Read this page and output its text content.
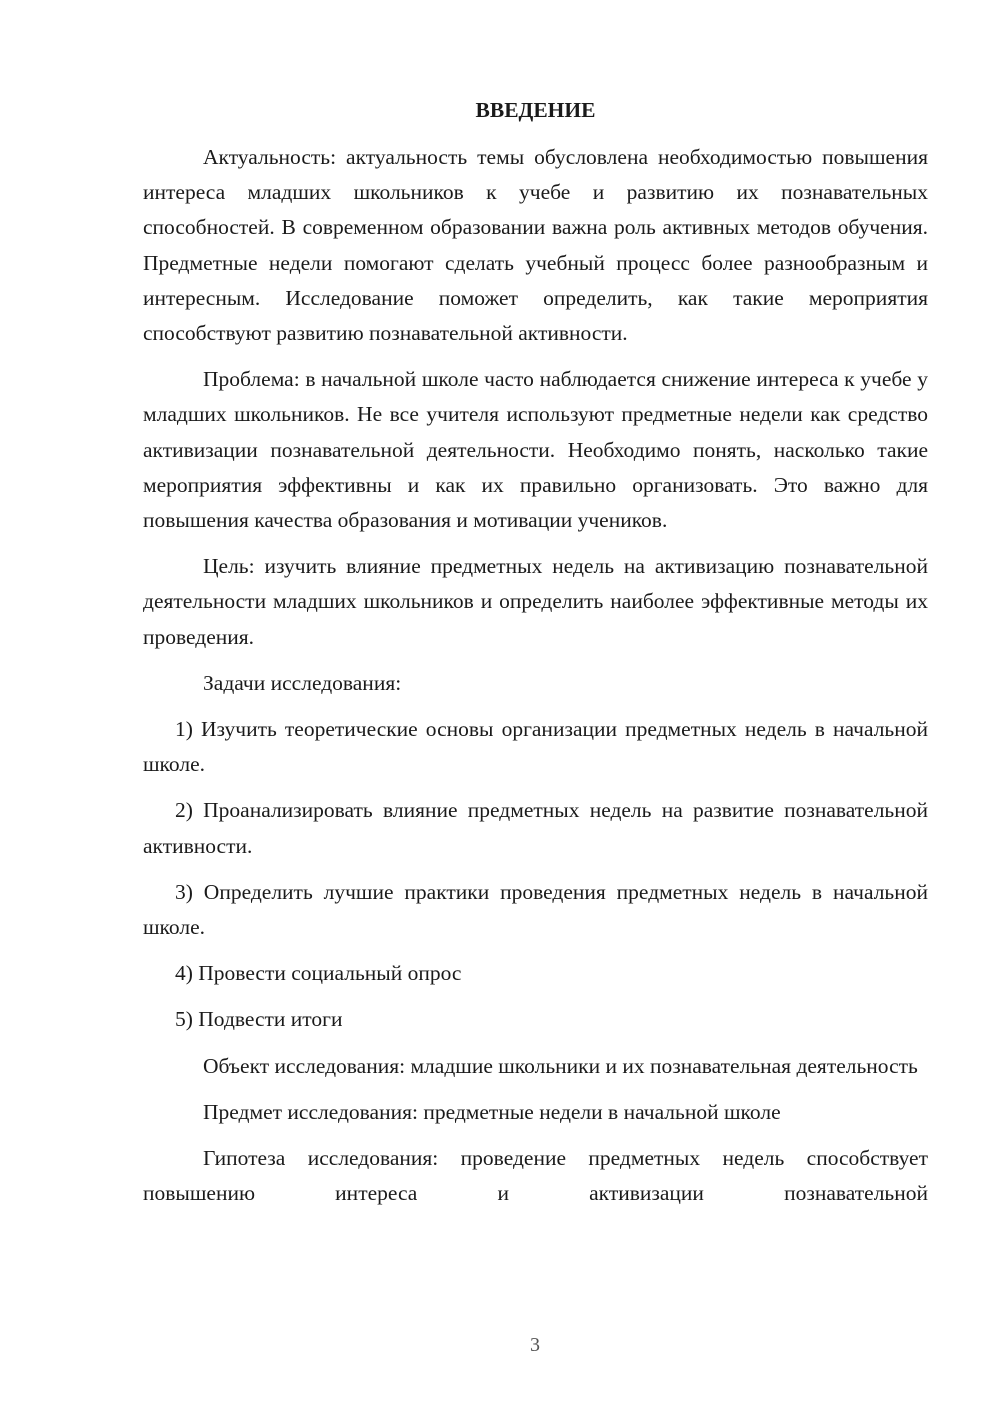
ВВЕДЕНИЕ

Актуальность: актуальность темы обусловлена необходимостью повышения интереса младших школьников к учебе и развитию их познавательных способностей. В современном образовании важна роль активных методов обучения. Предметные недели помогают сделать учебный процесс более разнообразным и интересным. Исследование поможет определить, как такие мероприятия способствуют развитию познавательной активности.

Проблема: в начальной школе часто наблюдается снижение интереса к учебе у младших школьников. Не все учителя используют предметные недели как средство активизации познавательной деятельности. Необходимо понять, насколько такие мероприятия эффективны и как их правильно организовать. Это важно для повышения качества образования и мотивации учеников.

Цель: изучить влияние предметных недель на активизацию познавательной деятельности младших школьников и определить наиболее эффективные методы их проведения.

Задачи исследования:

1) Изучить теоретические основы организации предметных недель в начальной школе.

2) Проанализировать влияние предметных недель на развитие познавательной активности.

3) Определить лучшие практики проведения предметных недель в начальной школе.

4) Провести социальный опрос

5) Подвести итоги

Объект исследования: младшие школьники и их познавательная деятельность

Предмет исследования: предметные недели в начальной школе

Гипотеза исследования: проведение предметных недель способствует повышению интереса и активизации познавательной

3
